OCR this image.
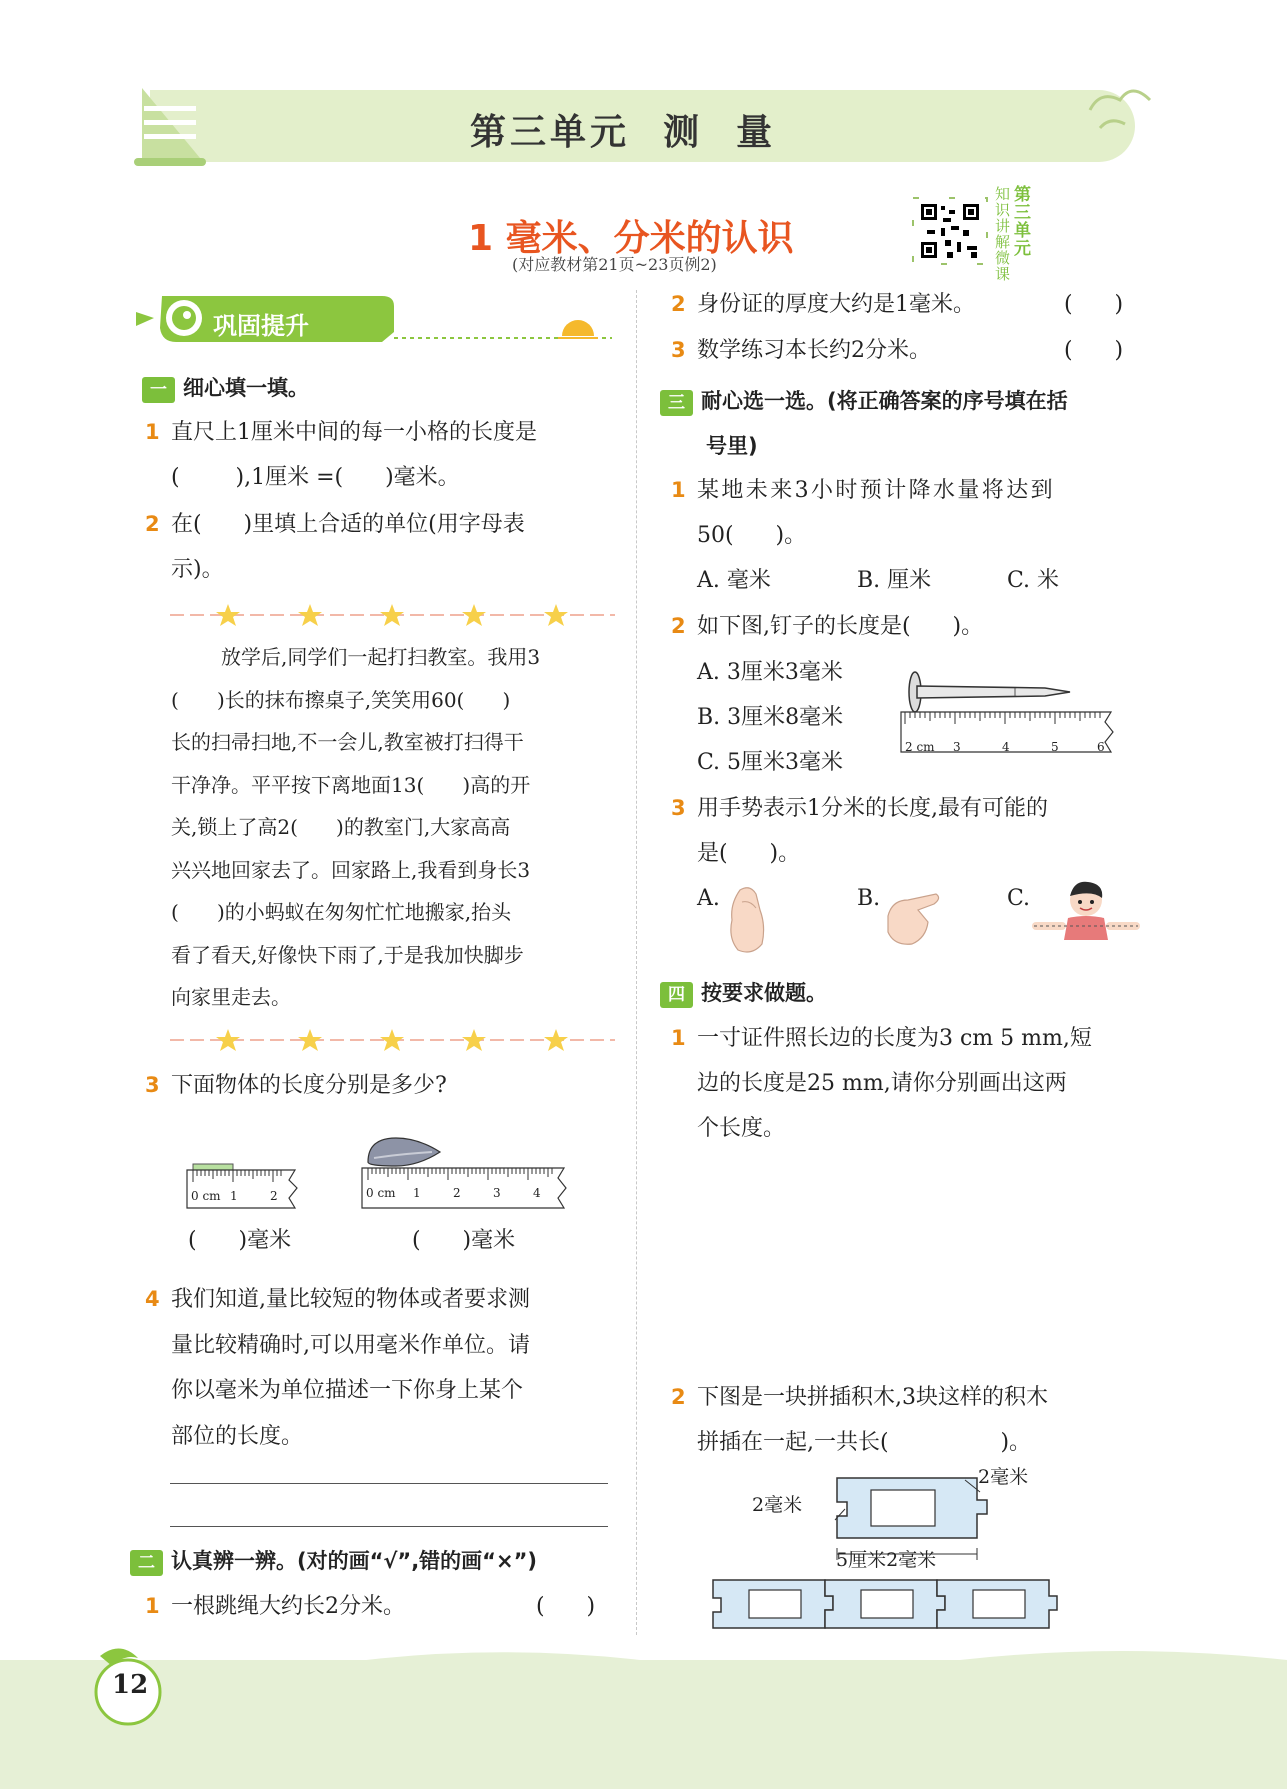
第三单元  测  量
1 毫米、分米的认识
(对应教材第21页~23页例2)
知识讲解微课
第三单元
巩固提升
一 细心填一填。
1 直尺上1厘米中间的每一小格的长度是
(        ),1厘米 =(      )毫米。
2 在(      )里填上合适的单位(用字母表
示)。
放学后,同学们一起打扫教室。我用3
(      )长的抹布擦桌子,笑笑用60(      )
长的扫帚扫地,不一会儿,教室被打扫得干
干净净。平平按下离地面13(      )高的开
关,锁上了高2(      )的教室门,大家高高
兴兴地回家去了。回家路上,我看到身长3
(      )的小蚂蚁在匆匆忙忙地搬家,抬头
看了看天,好像快下雨了,于是我加快脚步
向家里走去。
3 下面物体的长度分别是多少?
0 cm 1	2	0 cm 1	2	3	4
(      )毫米	(      )毫米
4 我们知道,量比较短的物体或者要求测
量比较精确时,可以用毫米作单位。请
你以毫米为单位描述一下你身上某个
部位的长度。
二 认真辨一辨。(对的画“√”,错的画“×”)
1 一根跳绳大约长2分米。	(      )
2 身份证的厚度大约是1毫米。	(      )
3 数学练习本长约2分米。	(      )
三 耐心选一选。(将正确答案的序号填在括
号里)
1 某地未来3小时预计降水量将达到
50(      )。
A. 毫米	B. 厘米	C. 米
2 如下图,钉子的长度是(      )。
A. 3厘米3毫米
B. 3厘米8毫米
C. 5厘米3毫米
2 cm 3	4	5	6
3 用手势表示1分米的长度,最有可能的
是(      )。
A.	B.	C.
四 按要求做题。
1 一寸证件照长边的长度为3 cm 5 mm,短
边的长度是25 mm,请你分别画出这两
个长度。
2 下图是一块拼插积木,3块这样的积木
拼插在一起,一共长(                )。
2毫米
2毫米
5厘米2毫米
12
